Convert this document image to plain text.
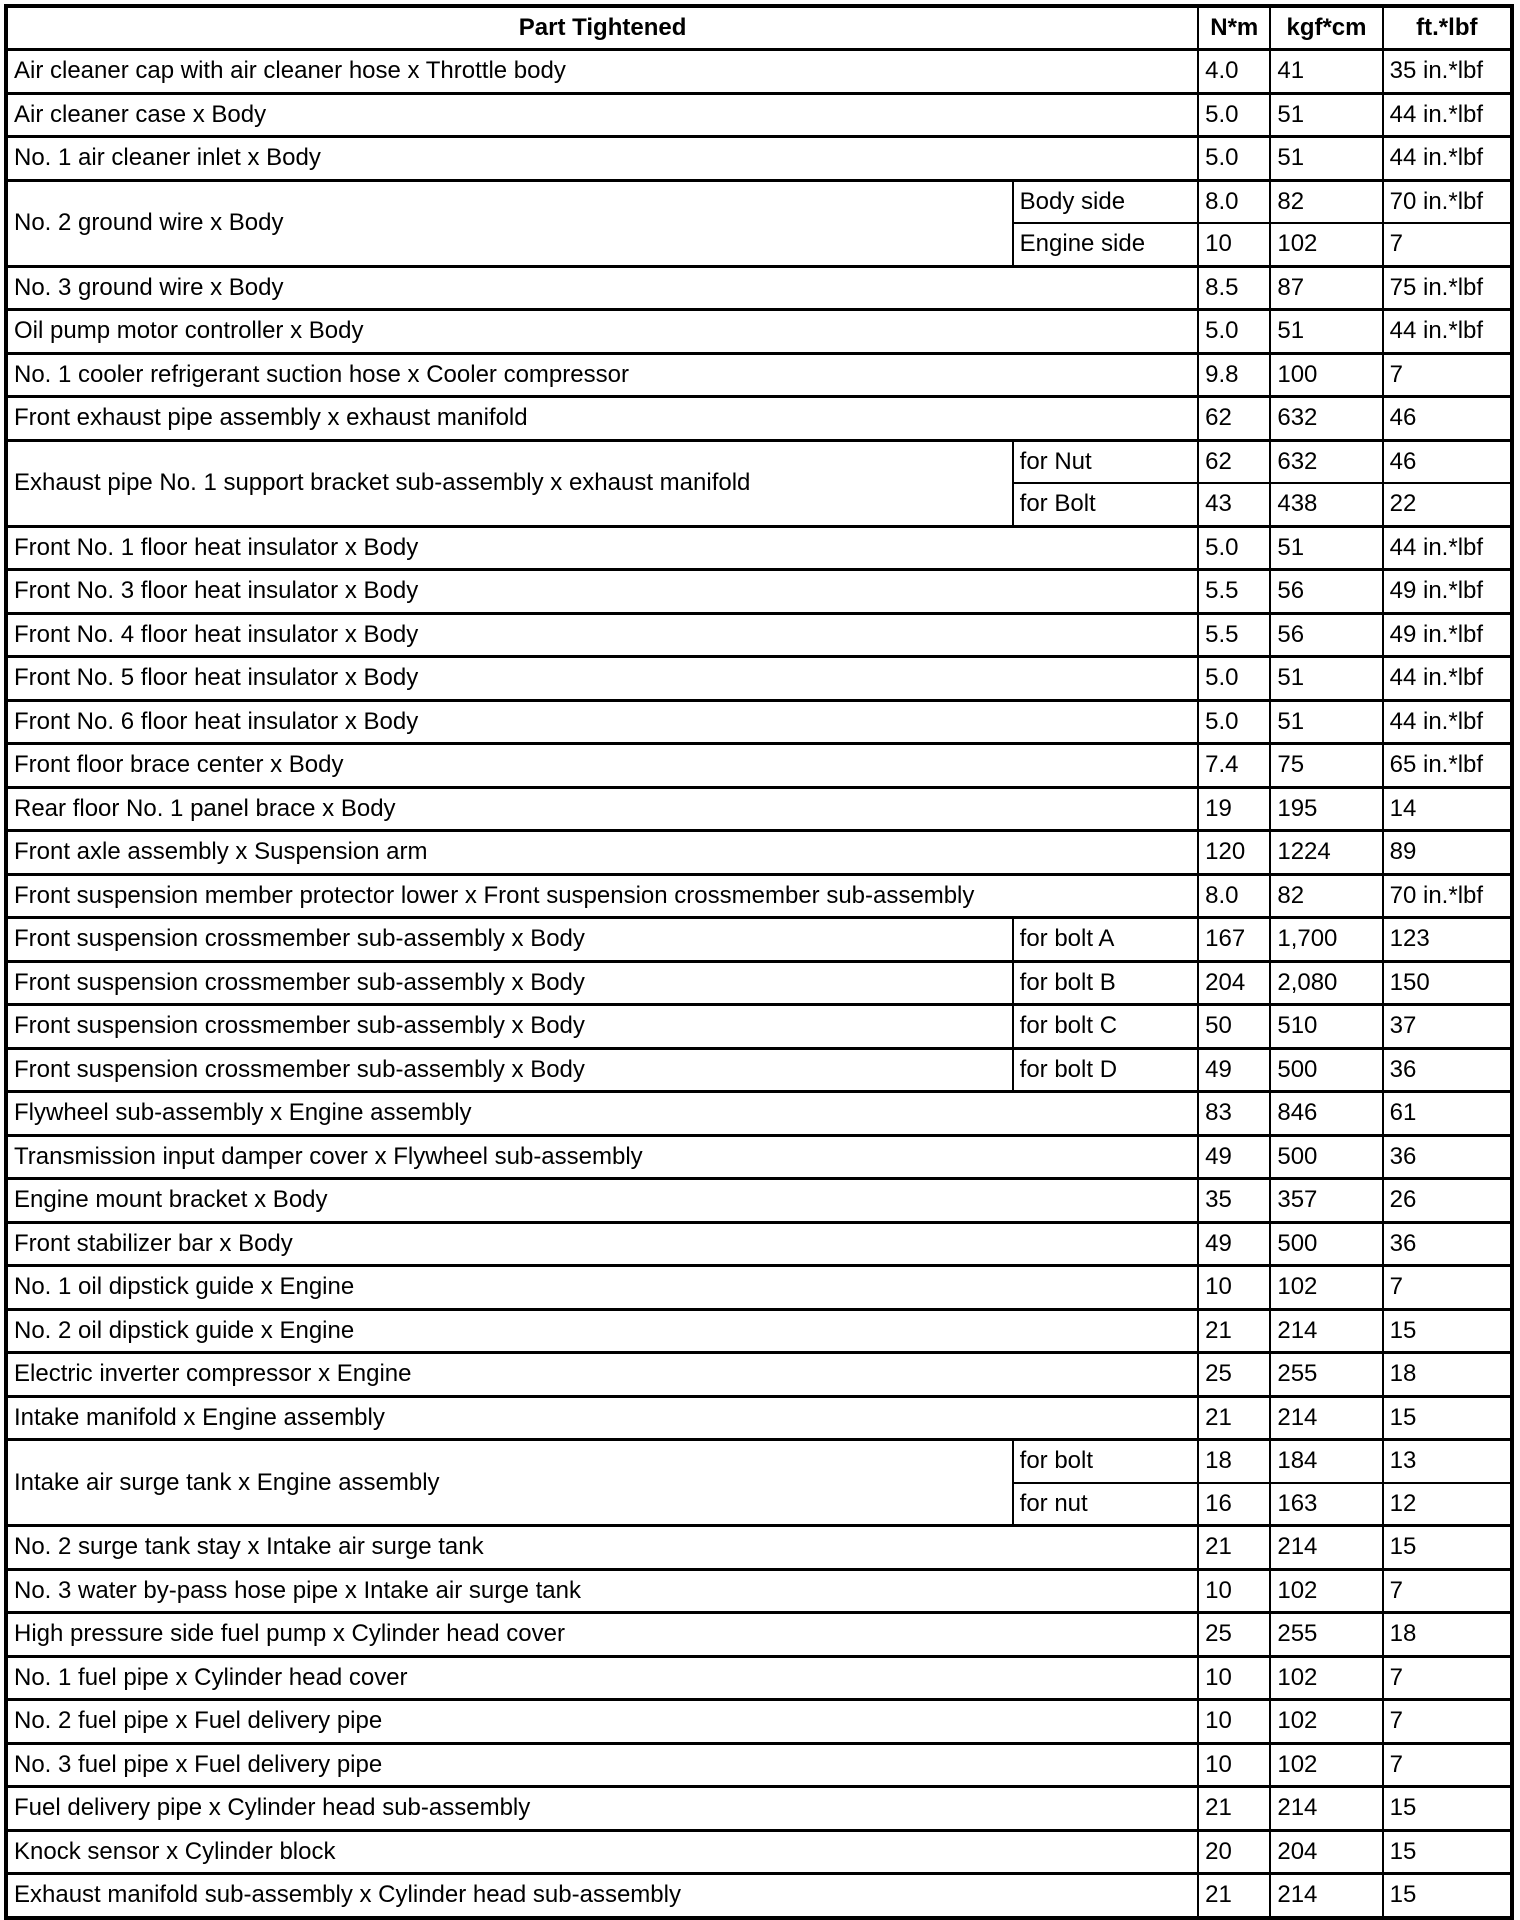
Part Tightened		N*m	kgf*cm	ft.*lbf
Air cleaner cap with air cleaner hose x Throttle body		4.0	41	35 in.*lbf
Air cleaner case x Body		5.0	51	44 in.*lbf
No. 1 air cleaner inlet x Body		5.0	51	44 in.*lbf
No. 2 ground wire x Body	Body side	8.0	82	70 in.*lbf
	Engine side	10	102	7
No. 3 ground wire x Body		8.5	87	75 in.*lbf
Oil pump motor controller x Body		5.0	51	44 in.*lbf
No. 1 cooler refrigerant suction hose x Cooler compressor		9.8	100	7
Front exhaust pipe assembly x exhaust manifold		62	632	46
Exhaust pipe No. 1 support bracket sub-assembly x exhaust manifold	for Nut	62	632	46
	for Bolt	43	438	22
Front No. 1 floor heat insulator x Body		5.0	51	44 in.*lbf
Front No. 3 floor heat insulator x Body		5.5	56	49 in.*lbf
Front No. 4 floor heat insulator x Body		5.5	56	49 in.*lbf
Front No. 5 floor heat insulator x Body		5.0	51	44 in.*lbf
Front No. 6 floor heat insulator x Body		5.0	51	44 in.*lbf
Front floor brace center x Body		7.4	75	65 in.*lbf
Rear floor No. 1 panel brace x Body		19	195	14
Front axle assembly x Suspension arm		120	1224	89
Front suspension member protector lower x Front suspension crossmember sub-assembly		8.0	82	70 in.*lbf
Front suspension crossmember sub-assembly x Body	for bolt A	167	1,700	123
Front suspension crossmember sub-assembly x Body	for bolt B	204	2,080	150
Front suspension crossmember sub-assembly x Body	for bolt C	50	510	37
Front suspension crossmember sub-assembly x Body	for bolt D	49	500	36
Flywheel sub-assembly x Engine assembly		83	846	61
Transmission input damper cover x Flywheel sub-assembly		49	500	36
Engine mount bracket x Body		35	357	26
Front stabilizer bar x Body		49	500	36
No. 1 oil dipstick guide x Engine		10	102	7
No. 2 oil dipstick guide x Engine		21	214	15
Electric inverter compressor x Engine		25	255	18
Intake manifold x Engine assembly		21	214	15
Intake air surge tank x Engine assembly	for bolt	18	184	13
	for nut	16	163	12
No. 2 surge tank stay x Intake air surge tank		21	214	15
No. 3 water by-pass hose pipe x Intake air surge tank		10	102	7
High pressure side fuel pump x Cylinder head cover		25	255	18
No. 1 fuel pipe x Cylinder head cover		10	102	7
No. 2 fuel pipe x Fuel delivery pipe		10	102	7
No. 3 fuel pipe x Fuel delivery pipe		10	102	7
Fuel delivery pipe x Cylinder head sub-assembly		21	214	15
Knock sensor x Cylinder block		20	204	15
Exhaust manifold sub-assembly x Cylinder head sub-assembly		21	214	15
